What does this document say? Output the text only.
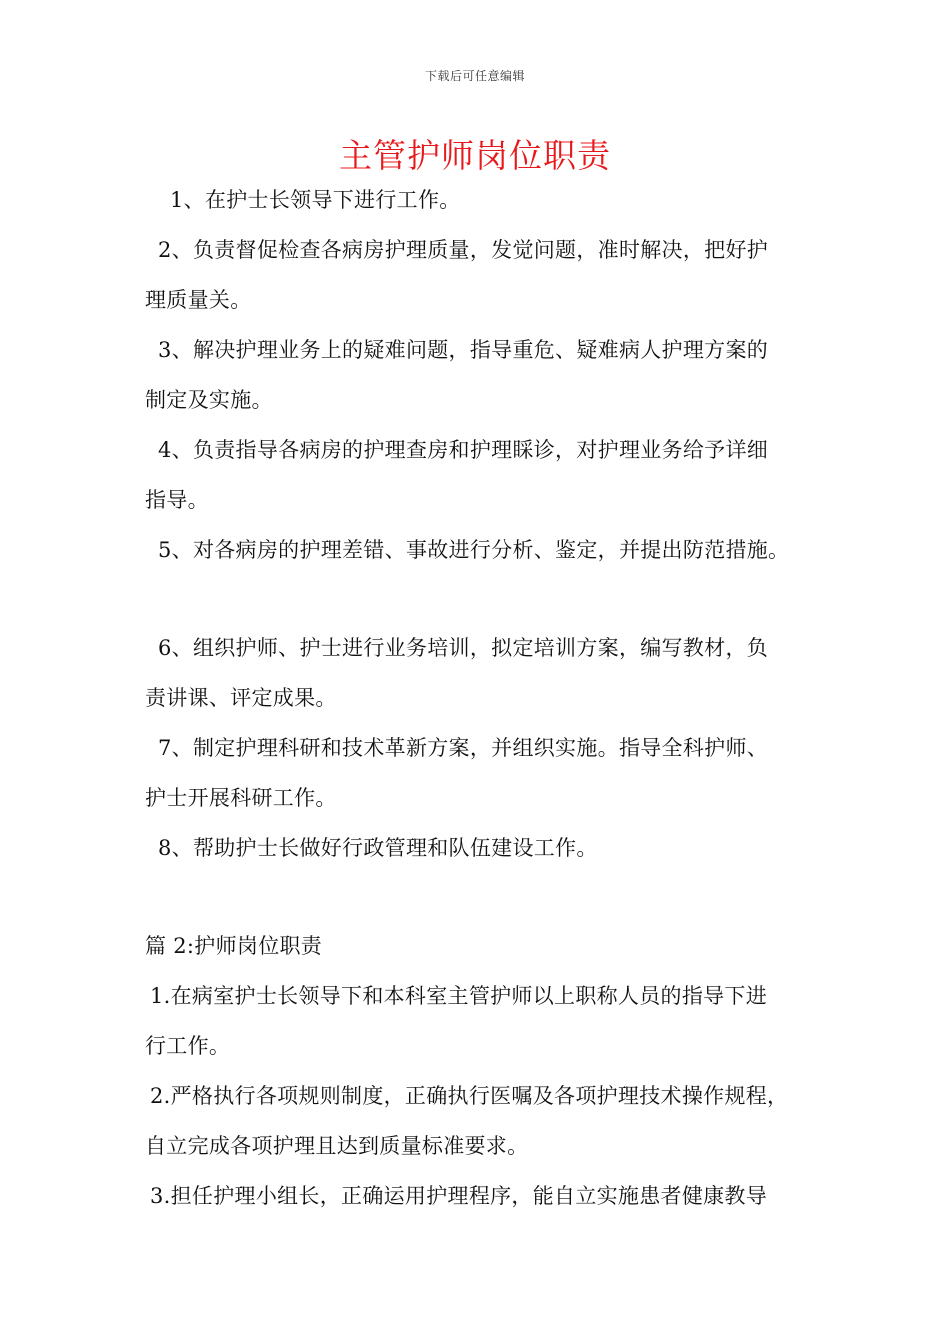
下载后可任意编辑
主管护师岗位职责
1、在护士长领导下进行工作。
2、负责督促检查各病房护理质量，发觉问题，准时解决，把好护
理质量关。
3、解决护理业务上的疑难问题，指导重危、疑难病人护理方案的
制定及实施。
4、负责指导各病房的护理查房和护理睬诊，对护理业务给予详细
指导。
5、对各病房的护理差错、事故进行分析、鉴定，并提出防范措施。
6、组织护师、护士进行业务培训，拟定培训方案，编写教材，负
责讲课、评定成果。
7、制定护理科研和技术革新方案，并组织实施。指导全科护师、
护士开展科研工作。
8、帮助护士长做好行政管理和队伍建设工作。
篇 2:护师岗位职责
1.在病室护士长领导下和本科室主管护师以上职称人员的指导下进
行工作。
2.严格执行各项规则制度，正确执行医嘱及各项护理技术操作规程，
自立完成各项护理且达到质量标准要求。
3.担任护理小组长，正确运用护理程序，能自立实施患者健康教导
